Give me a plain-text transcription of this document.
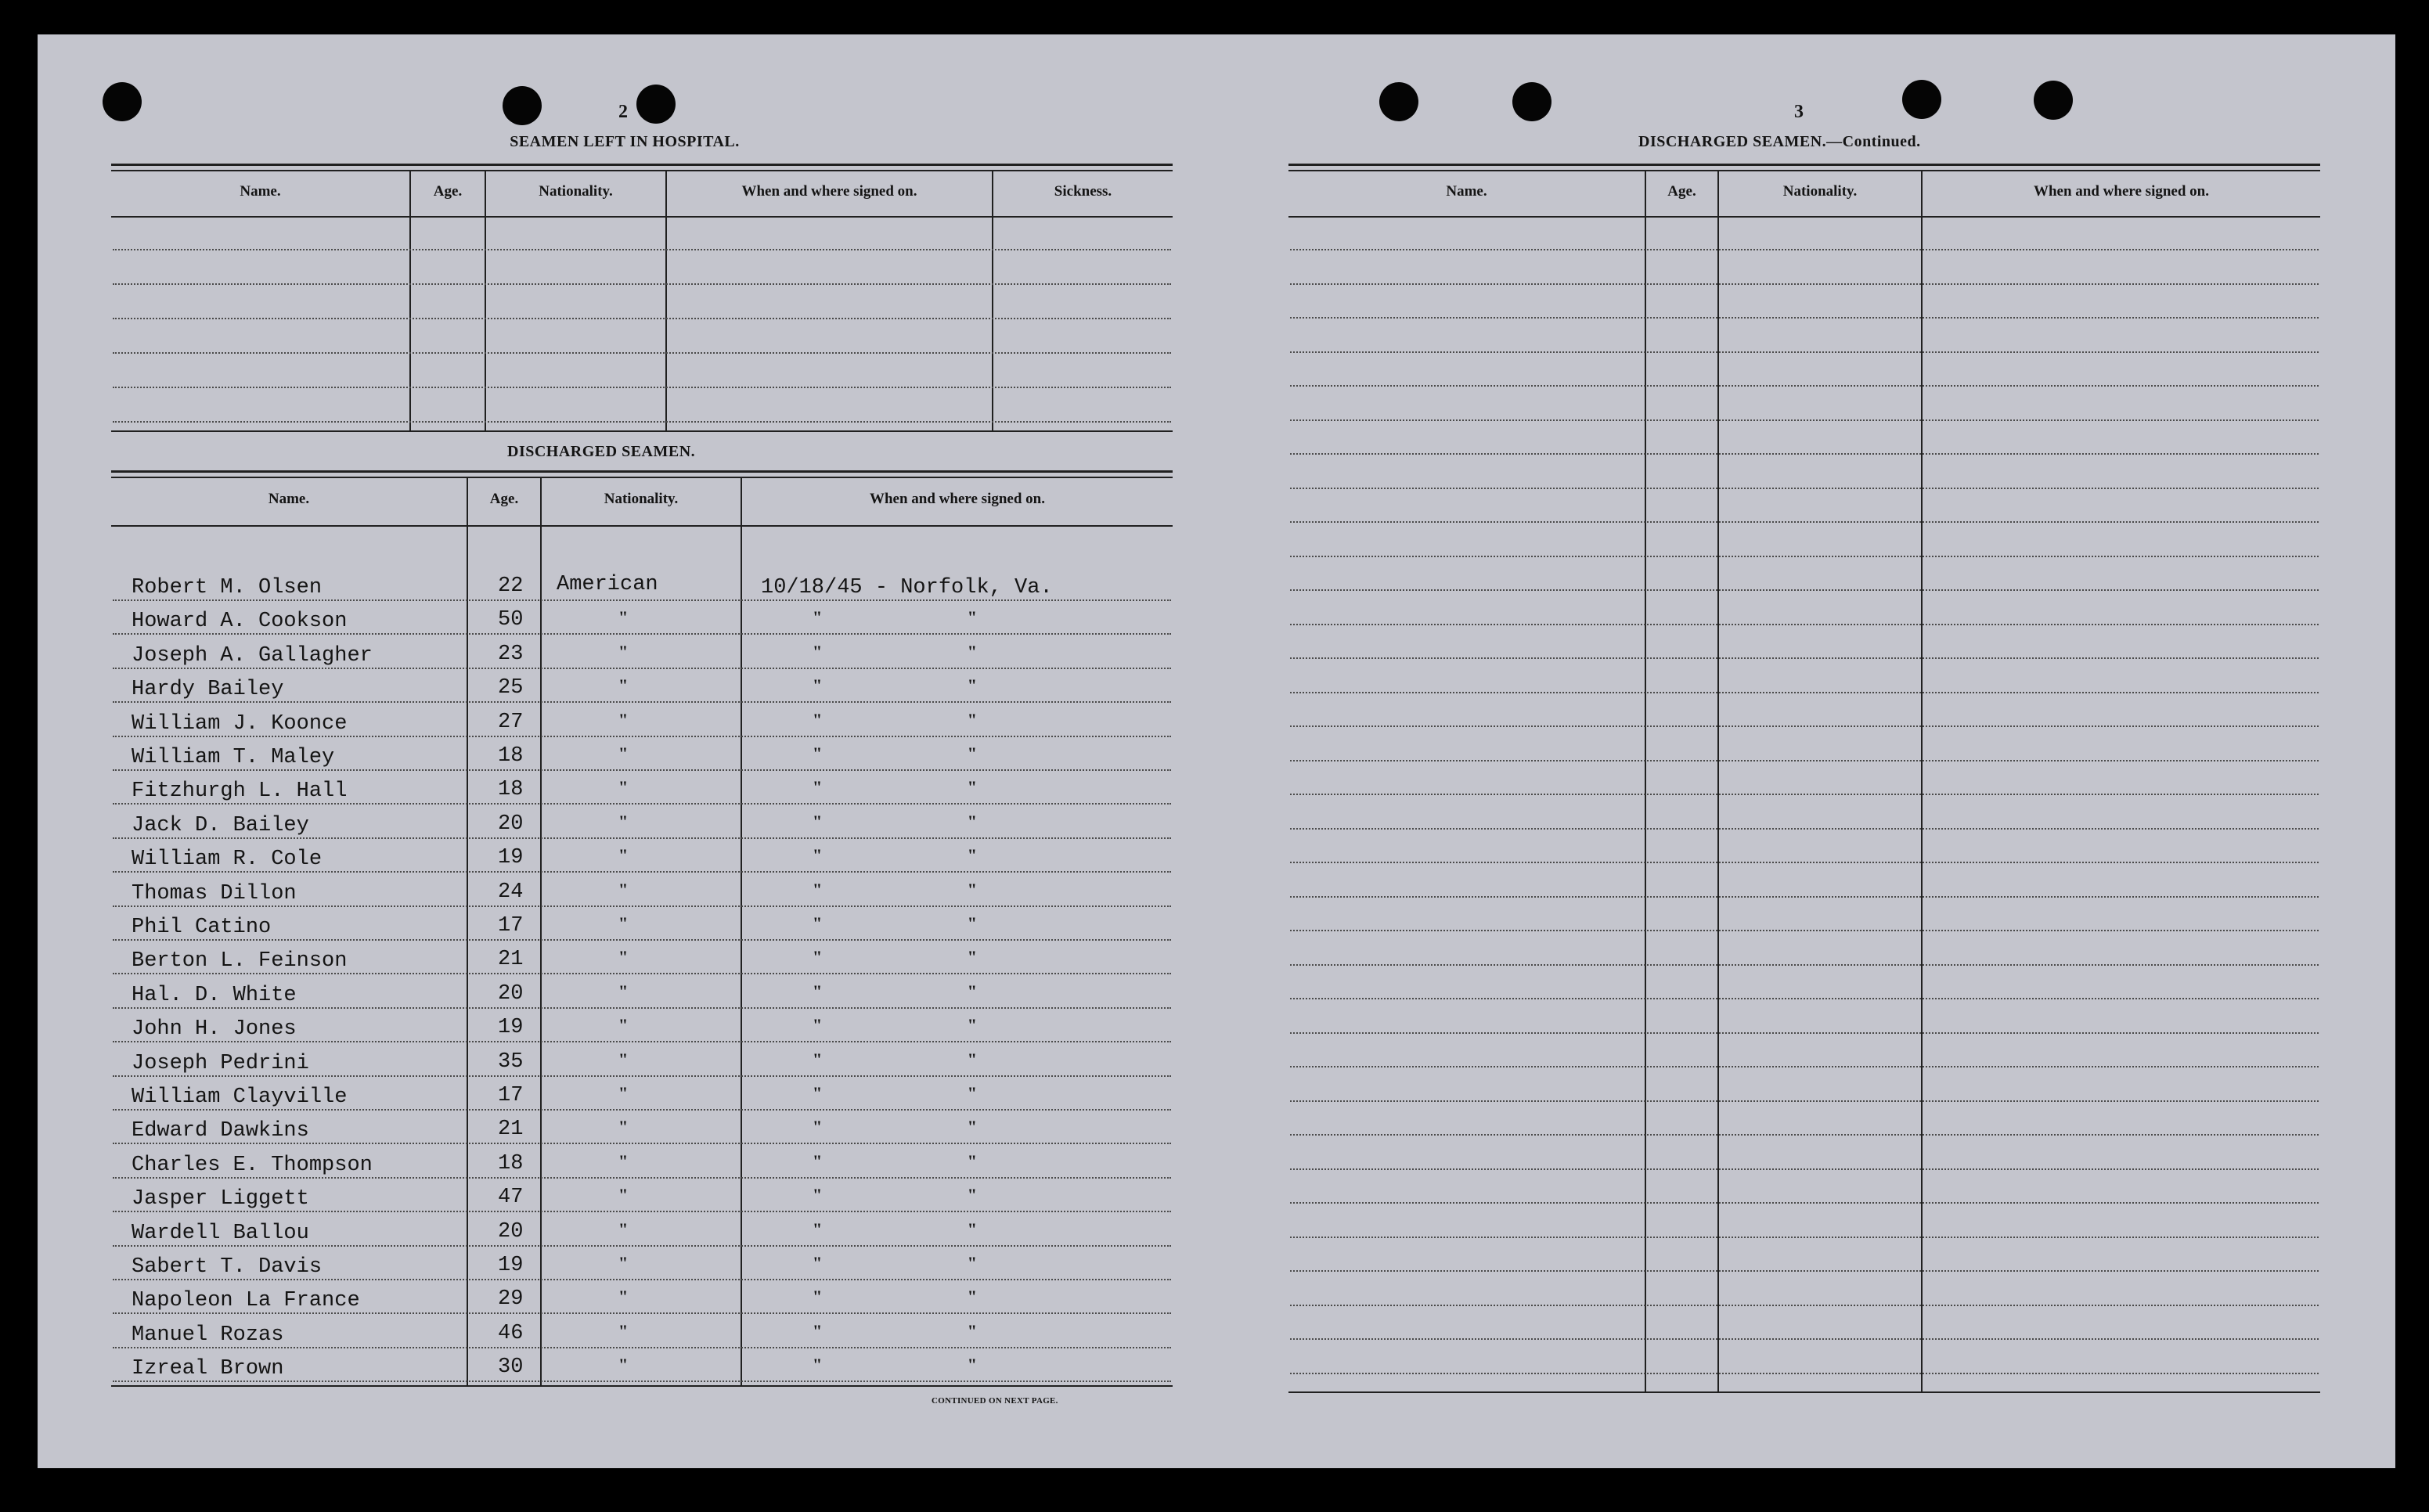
2
SEAMEN LEFT IN HOSPITAL.
Name.	Age.	Nationality.	When and where signed on.	Sickness.
DISCHARGED SEAMEN.
Name.	Age.	Nationality.	When and where signed on.
Robert M. Olsen	22 American	10/18/45 - Norfolk, Va.
Howard A. Cookson	50	"	" "
Joseph A. Gallagher	23	"	" "
Hardy Bailey	25	"	" "
William J. Koonce	27	"	" "
William T. Maley	18	"	" "
Fitzhurgh L. Hall	18	"	" "
Jack D. Bailey	20	"	" "
William R. Cole	19	"	" "
Thomas Dillon	24	"	" "
Phil Catino	17	"	" "
Berton L. Feinson	21	"	" "
Hal. D. White	20	"	" "
John H. Jones	19	"	" "
Joseph Pedrini	35	"	" "
William Clayville	17	"	" "
Edward Dawkins	21	"	" "
Charles E. Thompson	18	"	" "
Jasper Liggett	47	"	" "
Wardell Ballou	20	"	" "
Sabert T. Davis	19	"	" "
Napoleon La France	29	"	" "
Manuel Rozas	46	"	" "
Izreal Brown	30	"	" "
CONTINUED ON NEXT PAGE.
3
DISCHARGED SEAMEN.—Continued.
Name.	Age.	Nationality.	When and where signed on.
